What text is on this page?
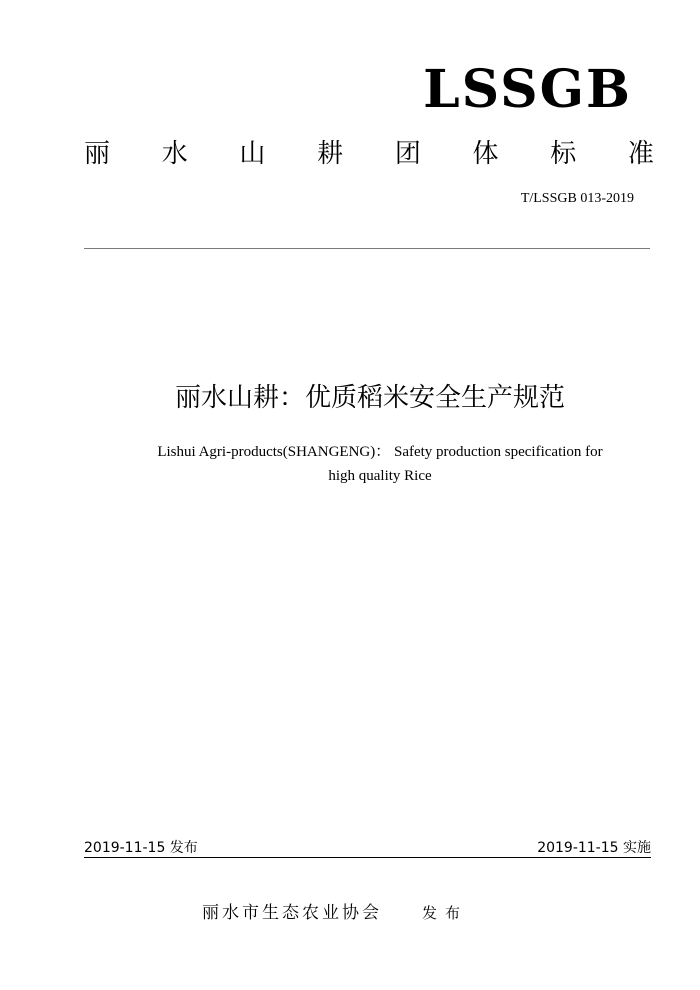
LSSGB
丽 水 山 耕 团 体 标 准
T/LSSGB 013-2019
丽水山耕：优质稻米安全生产规范
Lishui Agri-products(SHANGENG)： Safety production specification for
high quality Rice
2019-11-15 发布	2019-11-15 实施
丽水市生态农业协会	发布
